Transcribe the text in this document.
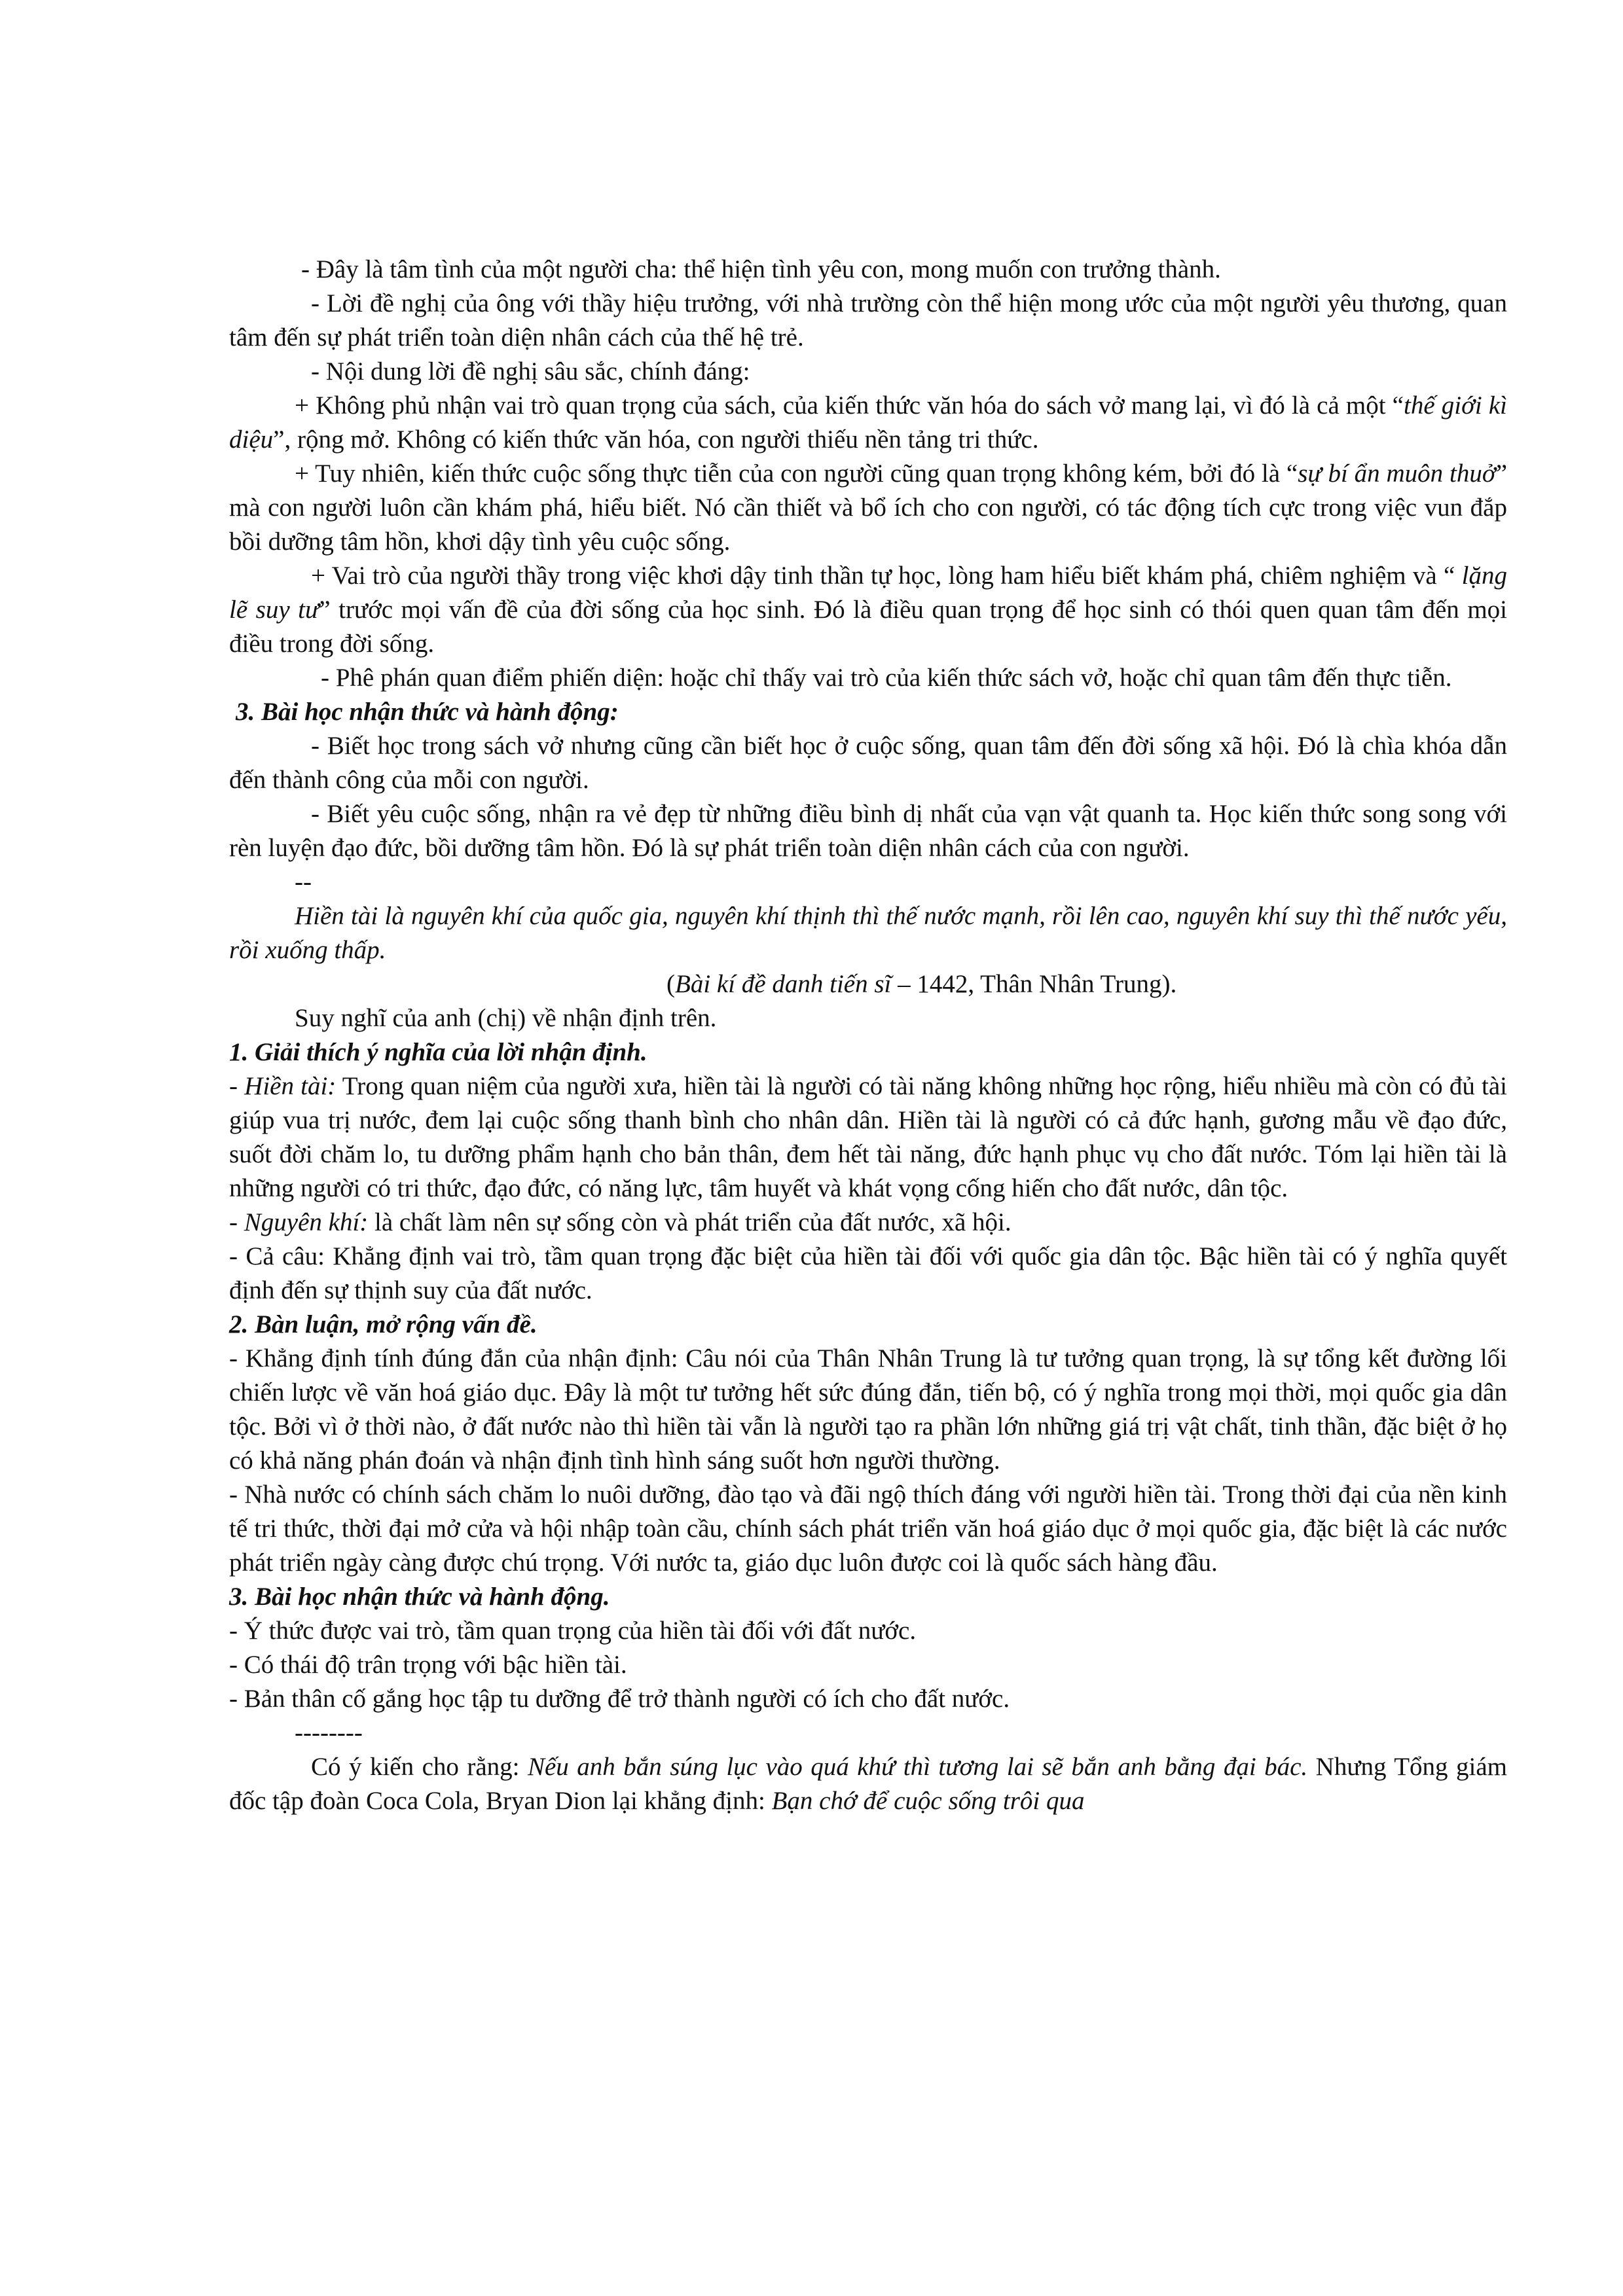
- Đây là tâm tình của một người cha: thể hiện tình yêu con, mong muốn con trưởng thành.

- Lời đề nghị của ông với thầy hiệu trưởng, với nhà trường còn thể hiện mong ước của một người yêu thương, quan tâm đến sự phát triển toàn diện nhân cách của thế hệ trẻ.

- Nội dung lời đề nghị sâu sắc, chính đáng:

+ Không phủ nhận vai trò quan trọng của sách, của kiến thức văn hóa do sách vở mang lại, vì đó là cả một “thế giới kì diệu”, rộng mở. Không có kiến thức văn hóa, con người thiếu nền tảng tri thức.

+ Tuy nhiên, kiến thức cuộc sống thực tiễn của con người cũng quan trọng không kém, bởi đó là “sự bí ẩn muôn thuở” mà con người luôn cần khám phá, hiểu biết. Nó cần thiết và bổ ích cho con người, có tác động tích cực trong việc vun đắp bồi dưỡng tâm hồn, khơi dậy tình yêu cuộc sống.

+ Vai trò của người thầy trong việc khơi dậy tinh thần tự học, lòng ham hiểu biết khám phá, chiêm nghiệm và “ lặng lẽ suy tư” trước mọi vấn đề của đời sống của học sinh. Đó là điều quan trọng để học sinh có thói quen quan tâm đến mọi điều trong đời sống.

- Phê phán quan điểm phiến diện: hoặc chỉ thấy vai trò của kiến thức sách vở, hoặc chỉ quan tâm đến thực tiễn.

3. Bài học nhận thức và hành động:

- Biết học trong sách vở nhưng cũng cần biết học ở cuộc sống, quan tâm đến đời sống xã hội. Đó là chìa khóa dẫn đến thành công của mỗi con người.

- Biết yêu cuộc sống, nhận ra vẻ đẹp từ những điều bình dị nhất của vạn vật quanh ta. Học kiến thức song song với rèn luyện đạo đức, bồi dưỡng tâm hồn. Đó là sự phát triển toàn diện nhân cách của con người.

--

Hiền tài là nguyên khí của quốc gia, nguyên khí thịnh thì thế nước mạnh, rồi lên cao, nguyên khí suy thì thế nước yếu, rồi xuống thấp.

(Bài kí đề danh tiến sĩ – 1442, Thân Nhân Trung).

Suy nghĩ của anh (chị) về nhận định trên.

1. Giải thích ý nghĩa của lời nhận định.

- Hiền tài: Trong quan niệm của người xưa, hiền tài là người có tài năng không những học rộng, hiểu nhiều mà còn có đủ tài giúp vua trị nước, đem lại cuộc sống thanh bình cho nhân dân. Hiền tài là người có cả đức hạnh, gương mẫu về đạo đức, suốt đời chăm lo, tu dưỡng phẩm hạnh cho bản thân, đem hết tài năng, đức hạnh phục vụ cho đất nước. Tóm lại hiền tài là những người có tri thức, đạo đức, có năng lực, tâm huyết và khát vọng cống hiến cho đất nước, dân tộc.

- Nguyên khí: là chất làm nên sự sống còn và phát triển của đất nước, xã hội.

- Cả câu: Khẳng định vai trò, tầm quan trọng đặc biệt của hiền tài đối với quốc gia dân tộc. Bậc hiền tài có ý nghĩa quyết định đến sự thịnh suy của đất nước.

2. Bàn luận, mở rộng vấn đề.

- Khẳng định tính đúng đắn của nhận định: Câu nói của Thân Nhân Trung là tư tưởng quan trọng, là sự tổng kết đường lối chiến lược về văn hoá giáo dục. Đây là một tư tưởng hết sức đúng đắn, tiến bộ, có ý nghĩa trong mọi thời, mọi quốc gia dân tộc. Bởi vì ở thời nào, ở đất nước nào thì hiền tài vẫn là người tạo ra phần lớn những giá trị vật chất, tinh thần, đặc biệt ở họ có khả năng phán đoán và nhận định tình hình sáng suốt hơn người thường.

- Nhà nước có chính sách chăm lo nuôi dưỡng, đào tạo và đãi ngộ thích đáng với người hiền tài. Trong thời đại của nền kinh tế tri thức, thời đại mở cửa và hội nhập toàn cầu, chính sách phát triển văn hoá giáo dục ở mọi quốc gia, đặc biệt là các nước phát triển ngày càng được chú trọng. Với nước ta, giáo dục luôn được coi là quốc sách hàng đầu.

3. Bài học nhận thức và hành động.

- Ý thức được vai trò, tầm quan trọng của hiền tài đối với đất nước.

- Có thái độ trân trọng với bậc hiền tài.

- Bản thân cố gắng học tập tu dưỡng để trở thành người có ích cho đất nước.

--------

Có ý kiến cho rằng: Nếu anh bắn súng lục vào quá khứ thì tương lai sẽ bắn anh bằng đại bác. Nhưng Tổng giám đốc tập đoàn Coca Cola, Bryan Dion lại khẳng định: Bạn chớ để cuộc sống trôi qua
